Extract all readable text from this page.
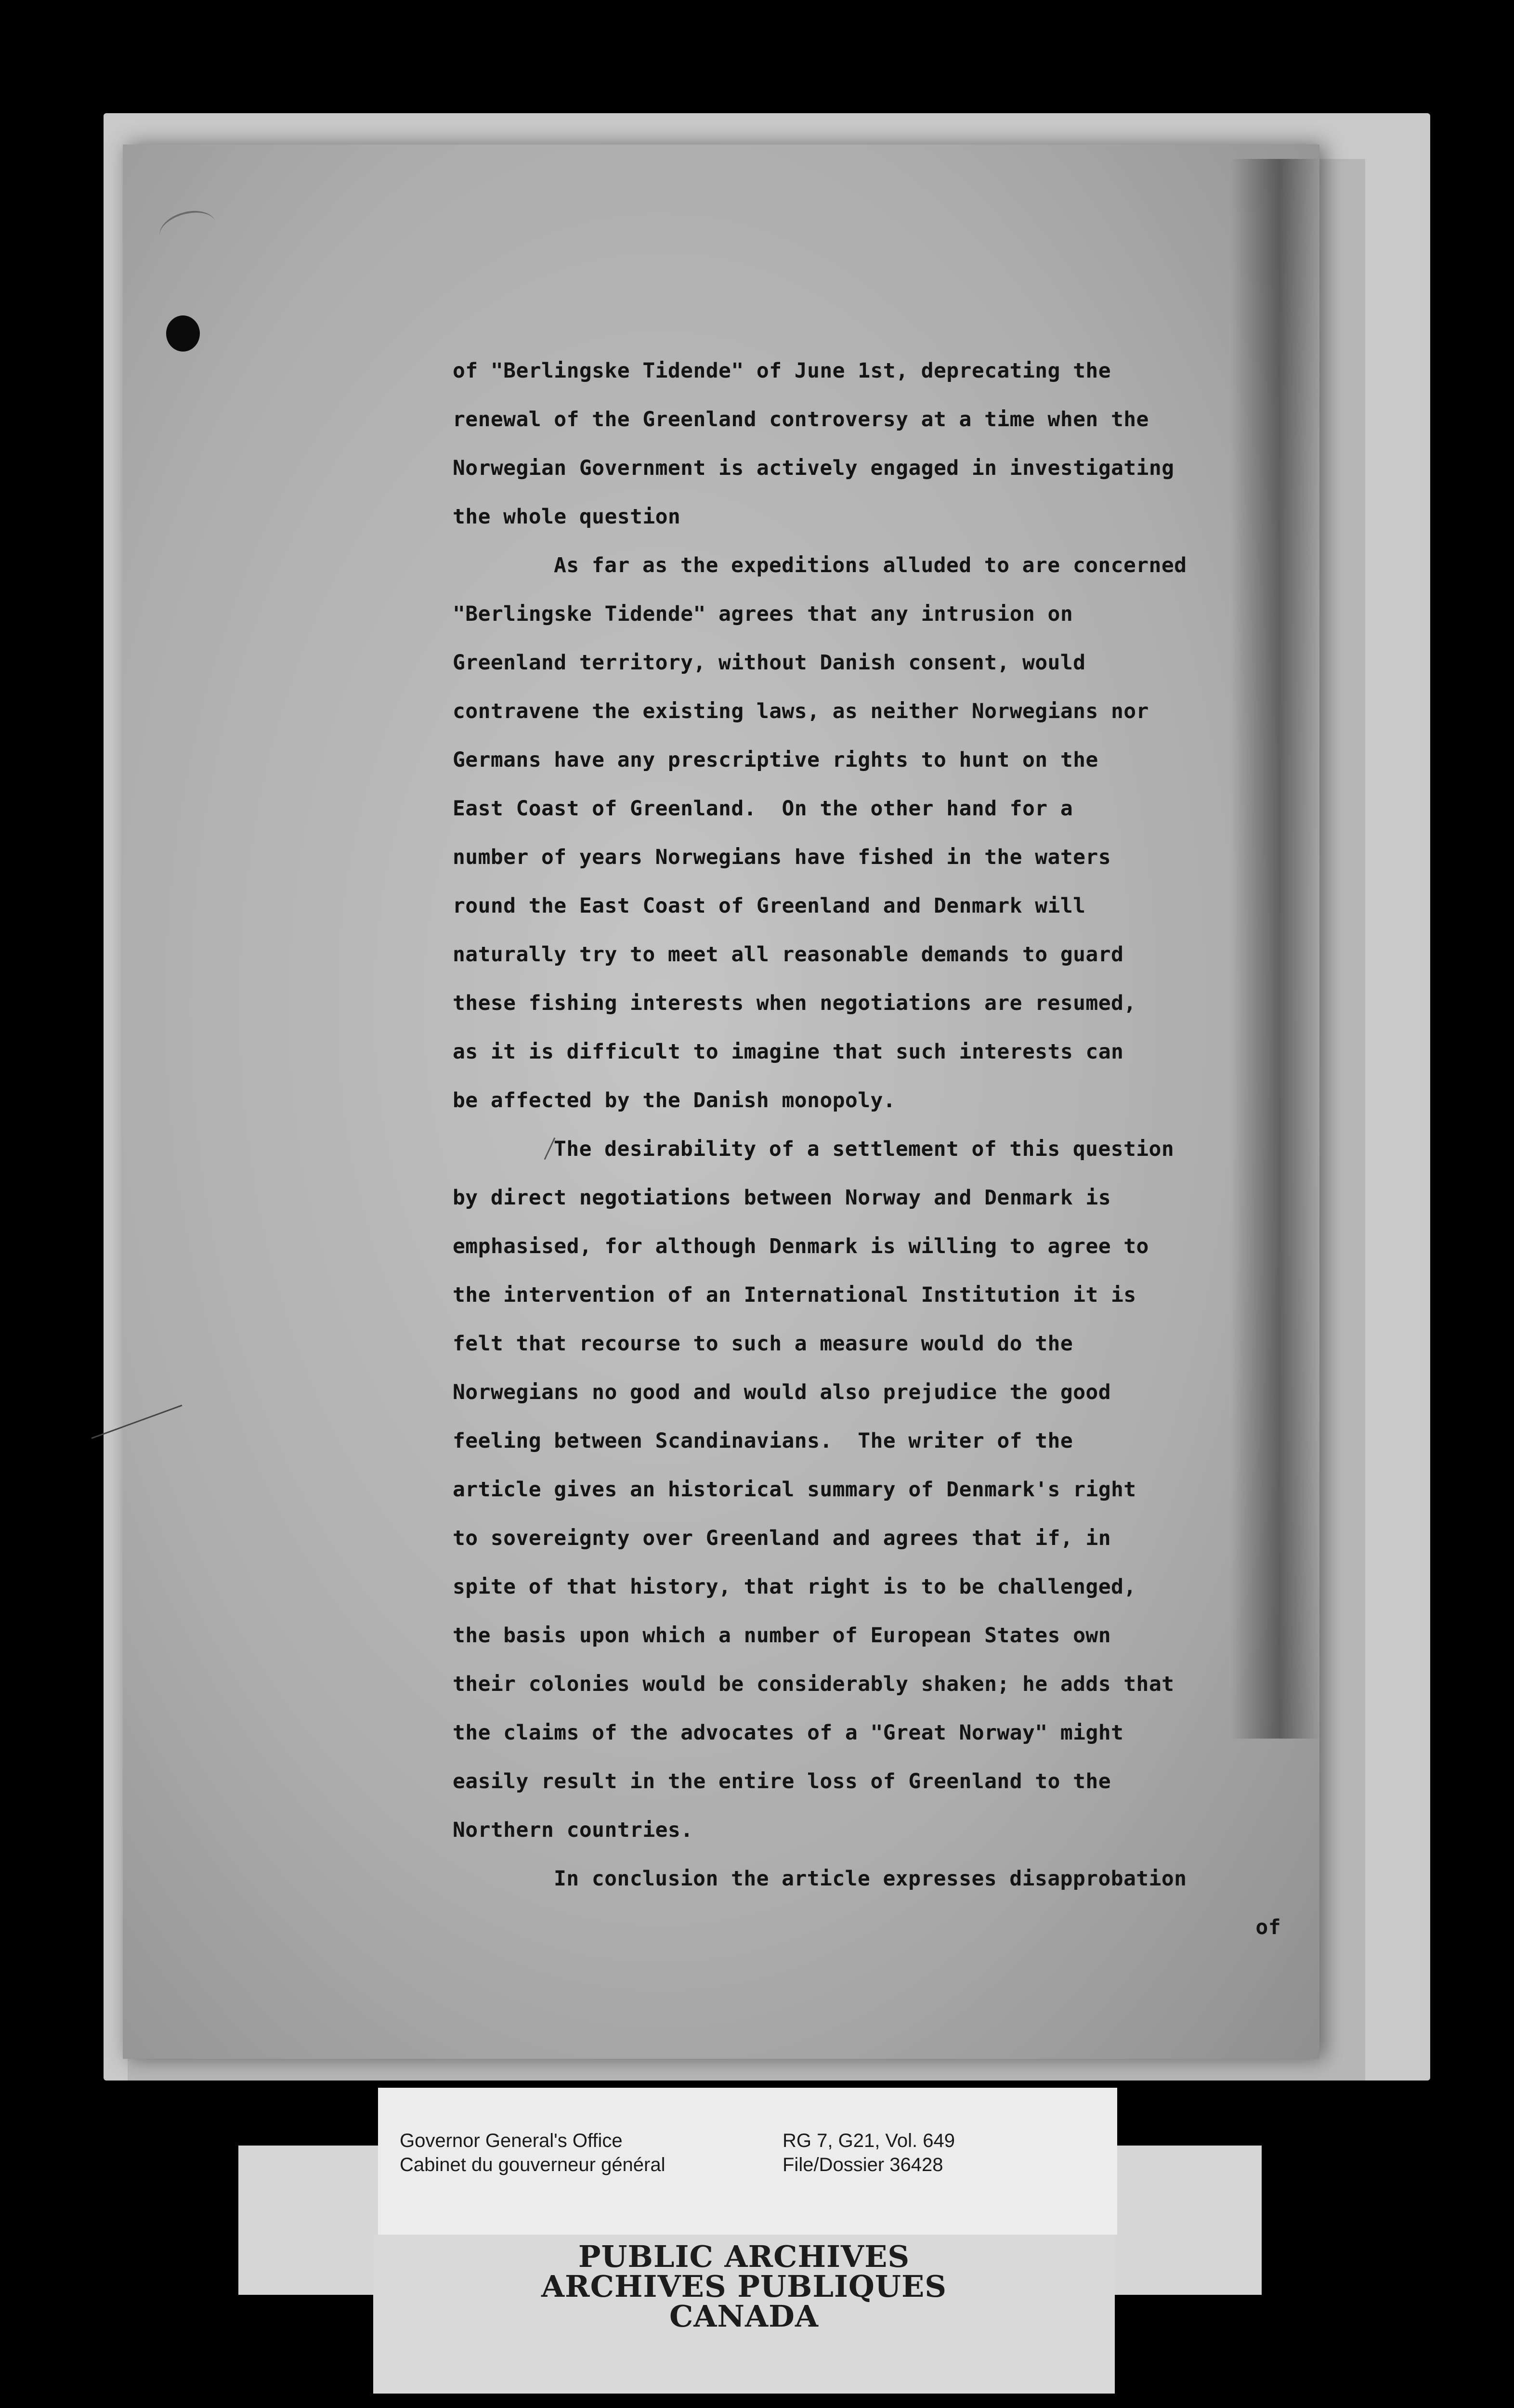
of "Berlingske Tidende" of June 1st, deprecating the
renewal of the Greenland controversy at a time when the
Norwegian Government is actively engaged in investigating
the whole question
As far as the expeditions alluded to are concerned
"Berlingske Tidende" agrees that any intrusion on
Greenland territory, without Danish consent, would
contravene the existing laws, as neither Norwegians nor
Germans have any prescriptive rights to hunt on the
East Coast of Greenland.  On the other hand for a
number of years Norwegians have fished in the waters
round the East Coast of Greenland and Denmark will
naturally try to meet all reasonable demands to guard
these fishing interests when negotiations are resumed,
as it is difficult to imagine that such interests can
be affected by the Danish monopoly.
The desirability of a settlement of this question
by direct negotiations between Norway and Denmark is
emphasised, for although Denmark is willing to agree to
the intervention of an International Institution it is
felt that recourse to such a measure would do the
Norwegians no good and would also prejudice the good
feeling between Scandinavians.  The writer of the
article gives an historical summary of Denmark's right
to sovereignty over Greenland and agrees that if, in
spite of that history, that right is to be challenged,
the basis upon which a number of European States own
their colonies would be considerably shaken; he adds that
the claims of the advocates of a "Great Norway" might
easily result in the entire loss of Greenland to the
Northern countries.
In conclusion the article expresses disapprobation
of
Governor General's Office
Cabinet du gouverneur général
RG 7, G21, Vol. 649
File/Dossier 36428
PUBLIC ARCHIVES
ARCHIVES PUBLIQUES
CANADA
